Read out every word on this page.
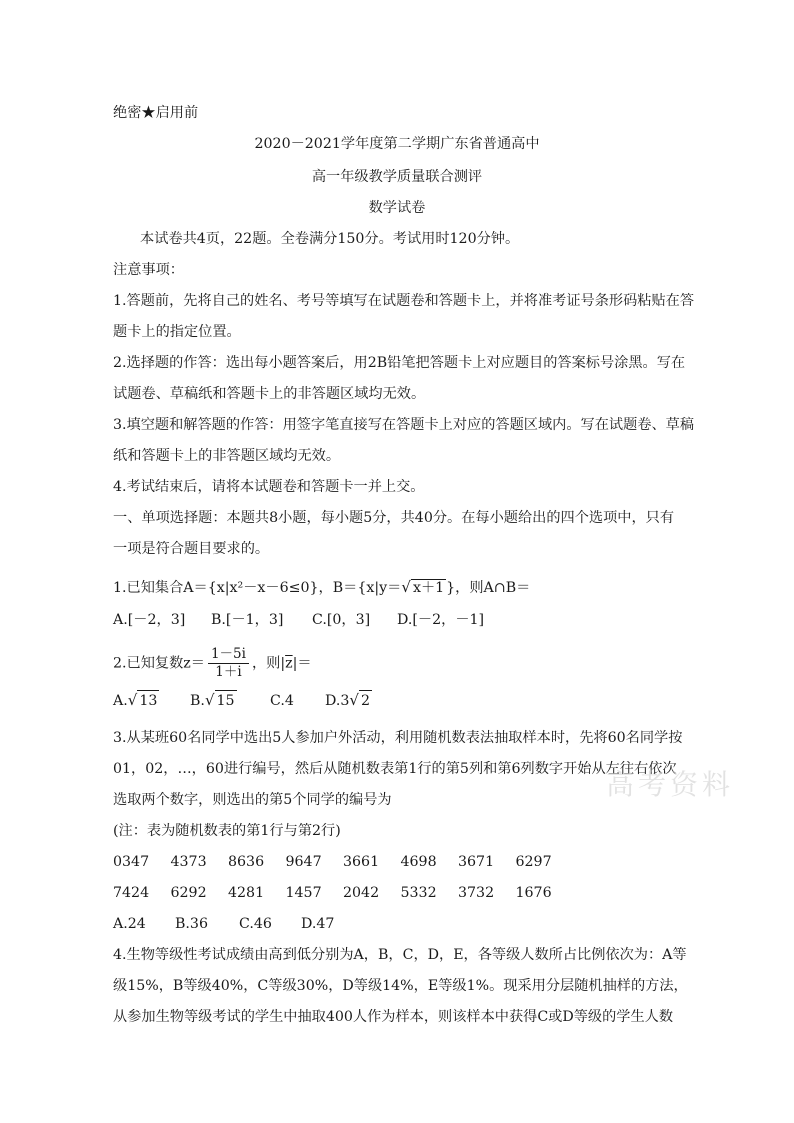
绝密★启用前
2020－2021学年度第二学期广东省普通高中
高一年级教学质量联合测评
数学试卷
本试卷共4页，22题。全卷满分150分。考试用时120分钟。
注意事项：
1.答题前，先将自己的姓名、考号等填写在试题卷和答题卡上，并将准考证号条形码粘贴在答
题卡上的指定位置。
2.选择题的作答：选出每小题答案后，用2B铅笔把答题卡上对应题目的答案标号涂黑。写在
试题卷、草稿纸和答题卡上的非答题区域均无效。
3.填空题和解答题的作答：用签字笔直接写在答题卡上对应的答题区域内。写在试题卷、草稿
纸和答题卡上的非答题区域均无效。
4.考试结束后，请将本试题卷和答题卡一并上交。
一、单项选择题：本题共8小题，每小题5分，共40分。在每小题给出的四个选项中，只有
一项是符合题目要求的。
1.已知集合A＝{x|x²－x－6≤0}，B＝{x|y＝√ x＋1 }，则A∩B＝
A.[－2，3] B.[－1，3] C.[0，3] D.[－2，－1]
2.已知复数$z= \frac{1-5i}{1+i}$ ，则$|\overline{z}|=$
A.√ 13 B.√ 15 C.4 D.3√ 2
3.从某班60名同学中选出5人参加户外活动，利用随机数表法抽取样本时，先将60名同学按
01，02，…，60进行编号，然后从随机数表第1行的第5列和第6列数字开始从左往右依次
选取两个数字，则选出的第5个同学的编号为
(注：表为随机数表的第1行与第2行)
0347 4373 8636 9647 3661 4698 3671 6297
7424 6292 4281 1457 2042 5332 3732 1676
A.24 B.36 C.46 D.47
4.生物等级性考试成绩由高到低分别为A，B，C，D，E，各等级人数所占比例依次为：A等
级15%，B等级40%，C等级30%，D等级14%，E等级1%。现采用分层随机抽样的方法，
从参加生物等级考试的学生中抽取400人作为样本，则该样本中获得C或D等级的学生人数
高考资料
